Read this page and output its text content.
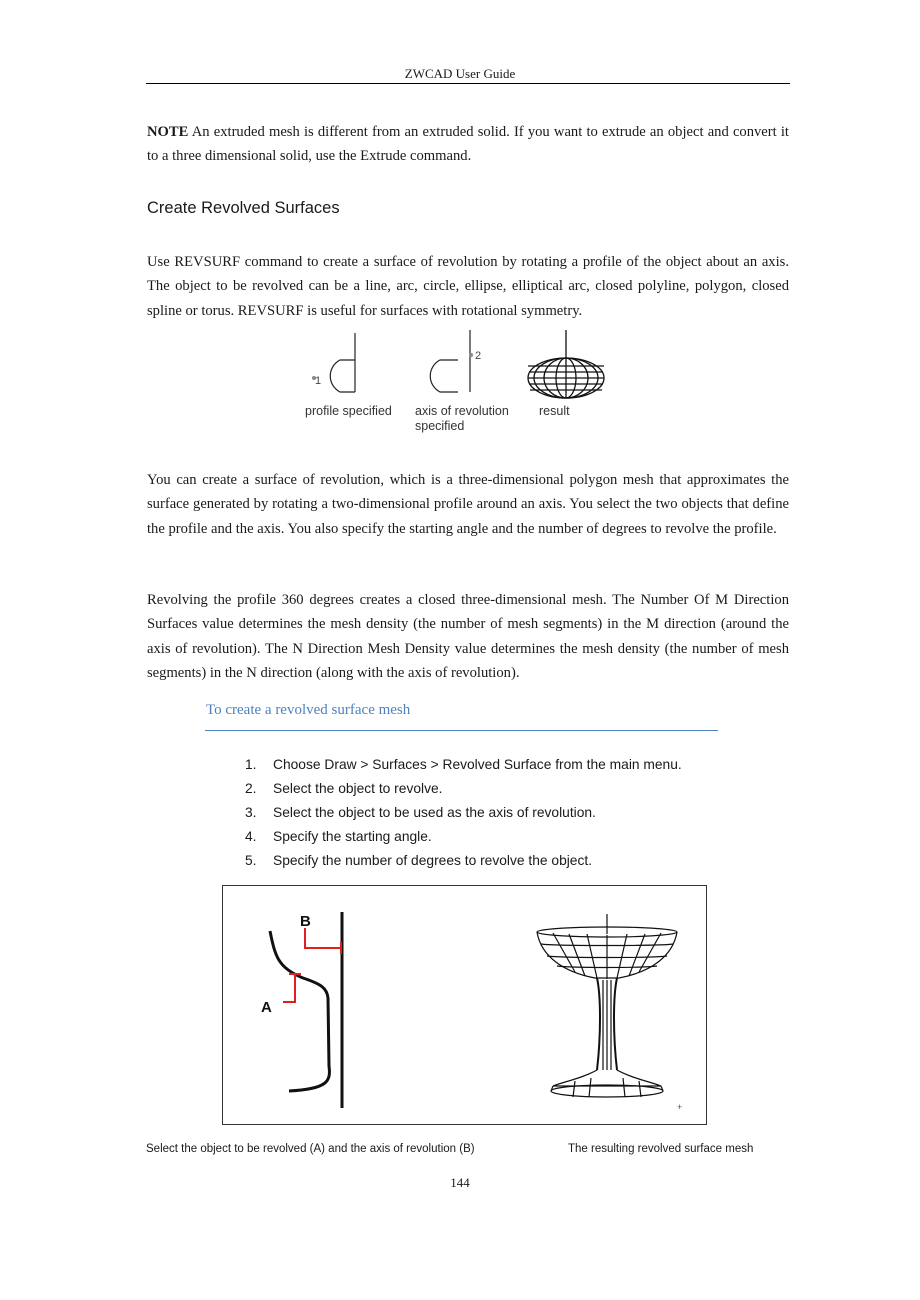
ZWCAD User Guide

NOTE An extruded mesh is different from an extruded solid. If you want to extrude an object and convert it to a three dimensional solid, use the Extrude command.

Create Revolved Surfaces

Use REVSURF command to create a surface of revolution by rotating a profile of the object about an axis. The object to be revolved can be a line, arc, circle, ellipse, elliptical arc, closed polyline, polygon, closed spline or torus. REVSURF is useful for surfaces with rotational symmetry.

1
2
profile specified axis of revolution
specified
result

You can create a surface of revolution, which is a three-dimensional polygon mesh that approximates the surface generated by rotating a two-dimensional profile around an axis. You select the two objects that define the profile and the axis. You also specify the starting angle and the number of degrees to revolve the profile.

Revolving the profile 360 degrees creates a closed three-dimensional mesh. The Number Of M Direction Surfaces value determines the mesh density (the number of mesh segments) in the M direction (around the axis of revolution). The N Direction Mesh Density value determines the mesh density (the number of mesh segments) in the N direction (along with the axis of revolution).

To create a revolved surface mesh
1.	Choose Draw > Surfaces > Revolved Surface from the main menu.
2.	Select the object to revolve.
3.	Select the object to be used as the axis of revolution.
4.	Specify the starting angle.
5.	Specify the number of degrees to revolve the object.
B
A
+
Select the object to be revolved (A) and the axis of revolution (B)	The resulting revolved surface mesh
144
